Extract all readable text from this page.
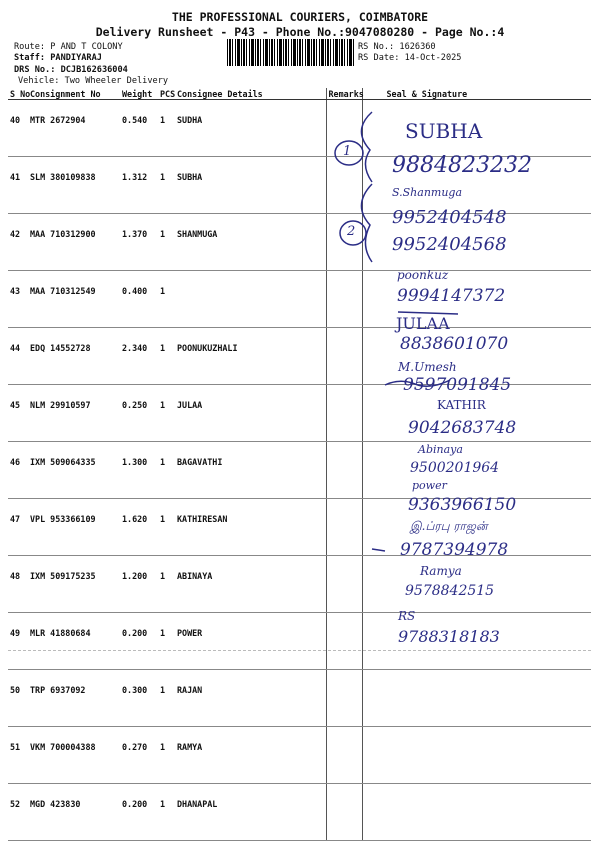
THE PROFESSIONAL COURIERS, COIMBATORE
Delivery Runsheet - P43 - Phone No.:9047080280 - Page No.:4
Route: P AND T COLONY
Staff: PANDIYARAJ
DRS No.: DCJB162636004
Vehicle: Two Wheeler Delivery
RS No.: 1626360
RS Date: 14-Oct-2025
S No	Consignment No	Weight	PCS	Consignee Details	Remarks	Seal & Signature
40	MTR 2672904	0.540	1	SUDHA		
41	SLM 380109838	1.312	1	SUBHA		
42	MAA 710312900	1.370	1	SHANMUGA		
43	MAA 710312549	0.400	1			
44	EDQ 14552728	2.340	1	POONUKUZHALI		
45	NLM 29910597	0.250	1	JULAA		
46	IXM 509064335	1.300	1	BAGAVATHI		
47	VPL 953366109	1.620	1	KATHIRESAN		
48	IXM 509175235	1.200	1	ABINAYA		
49	MLR 41880684	0.200	1	POWER		
50	TRP 6937092	0.300	1	RAJAN		
51	VKM 700004388	0.270	1	RAMYA		
52	MGD 423830	0.200	1	DHANAPAL		
1
2
SUBHA
9884823232
S.Shanmuga
9952404548
9952404568
poonkuz
9994147372
JULAA
8838601070
M.Umesh
9597091845
KATHIR
9042683748
Abinaya
9500201964
power
9363966150
இ.ப்ரபு ராஜன்
9787394978
Ramya
9578842515
RS
9788318183
